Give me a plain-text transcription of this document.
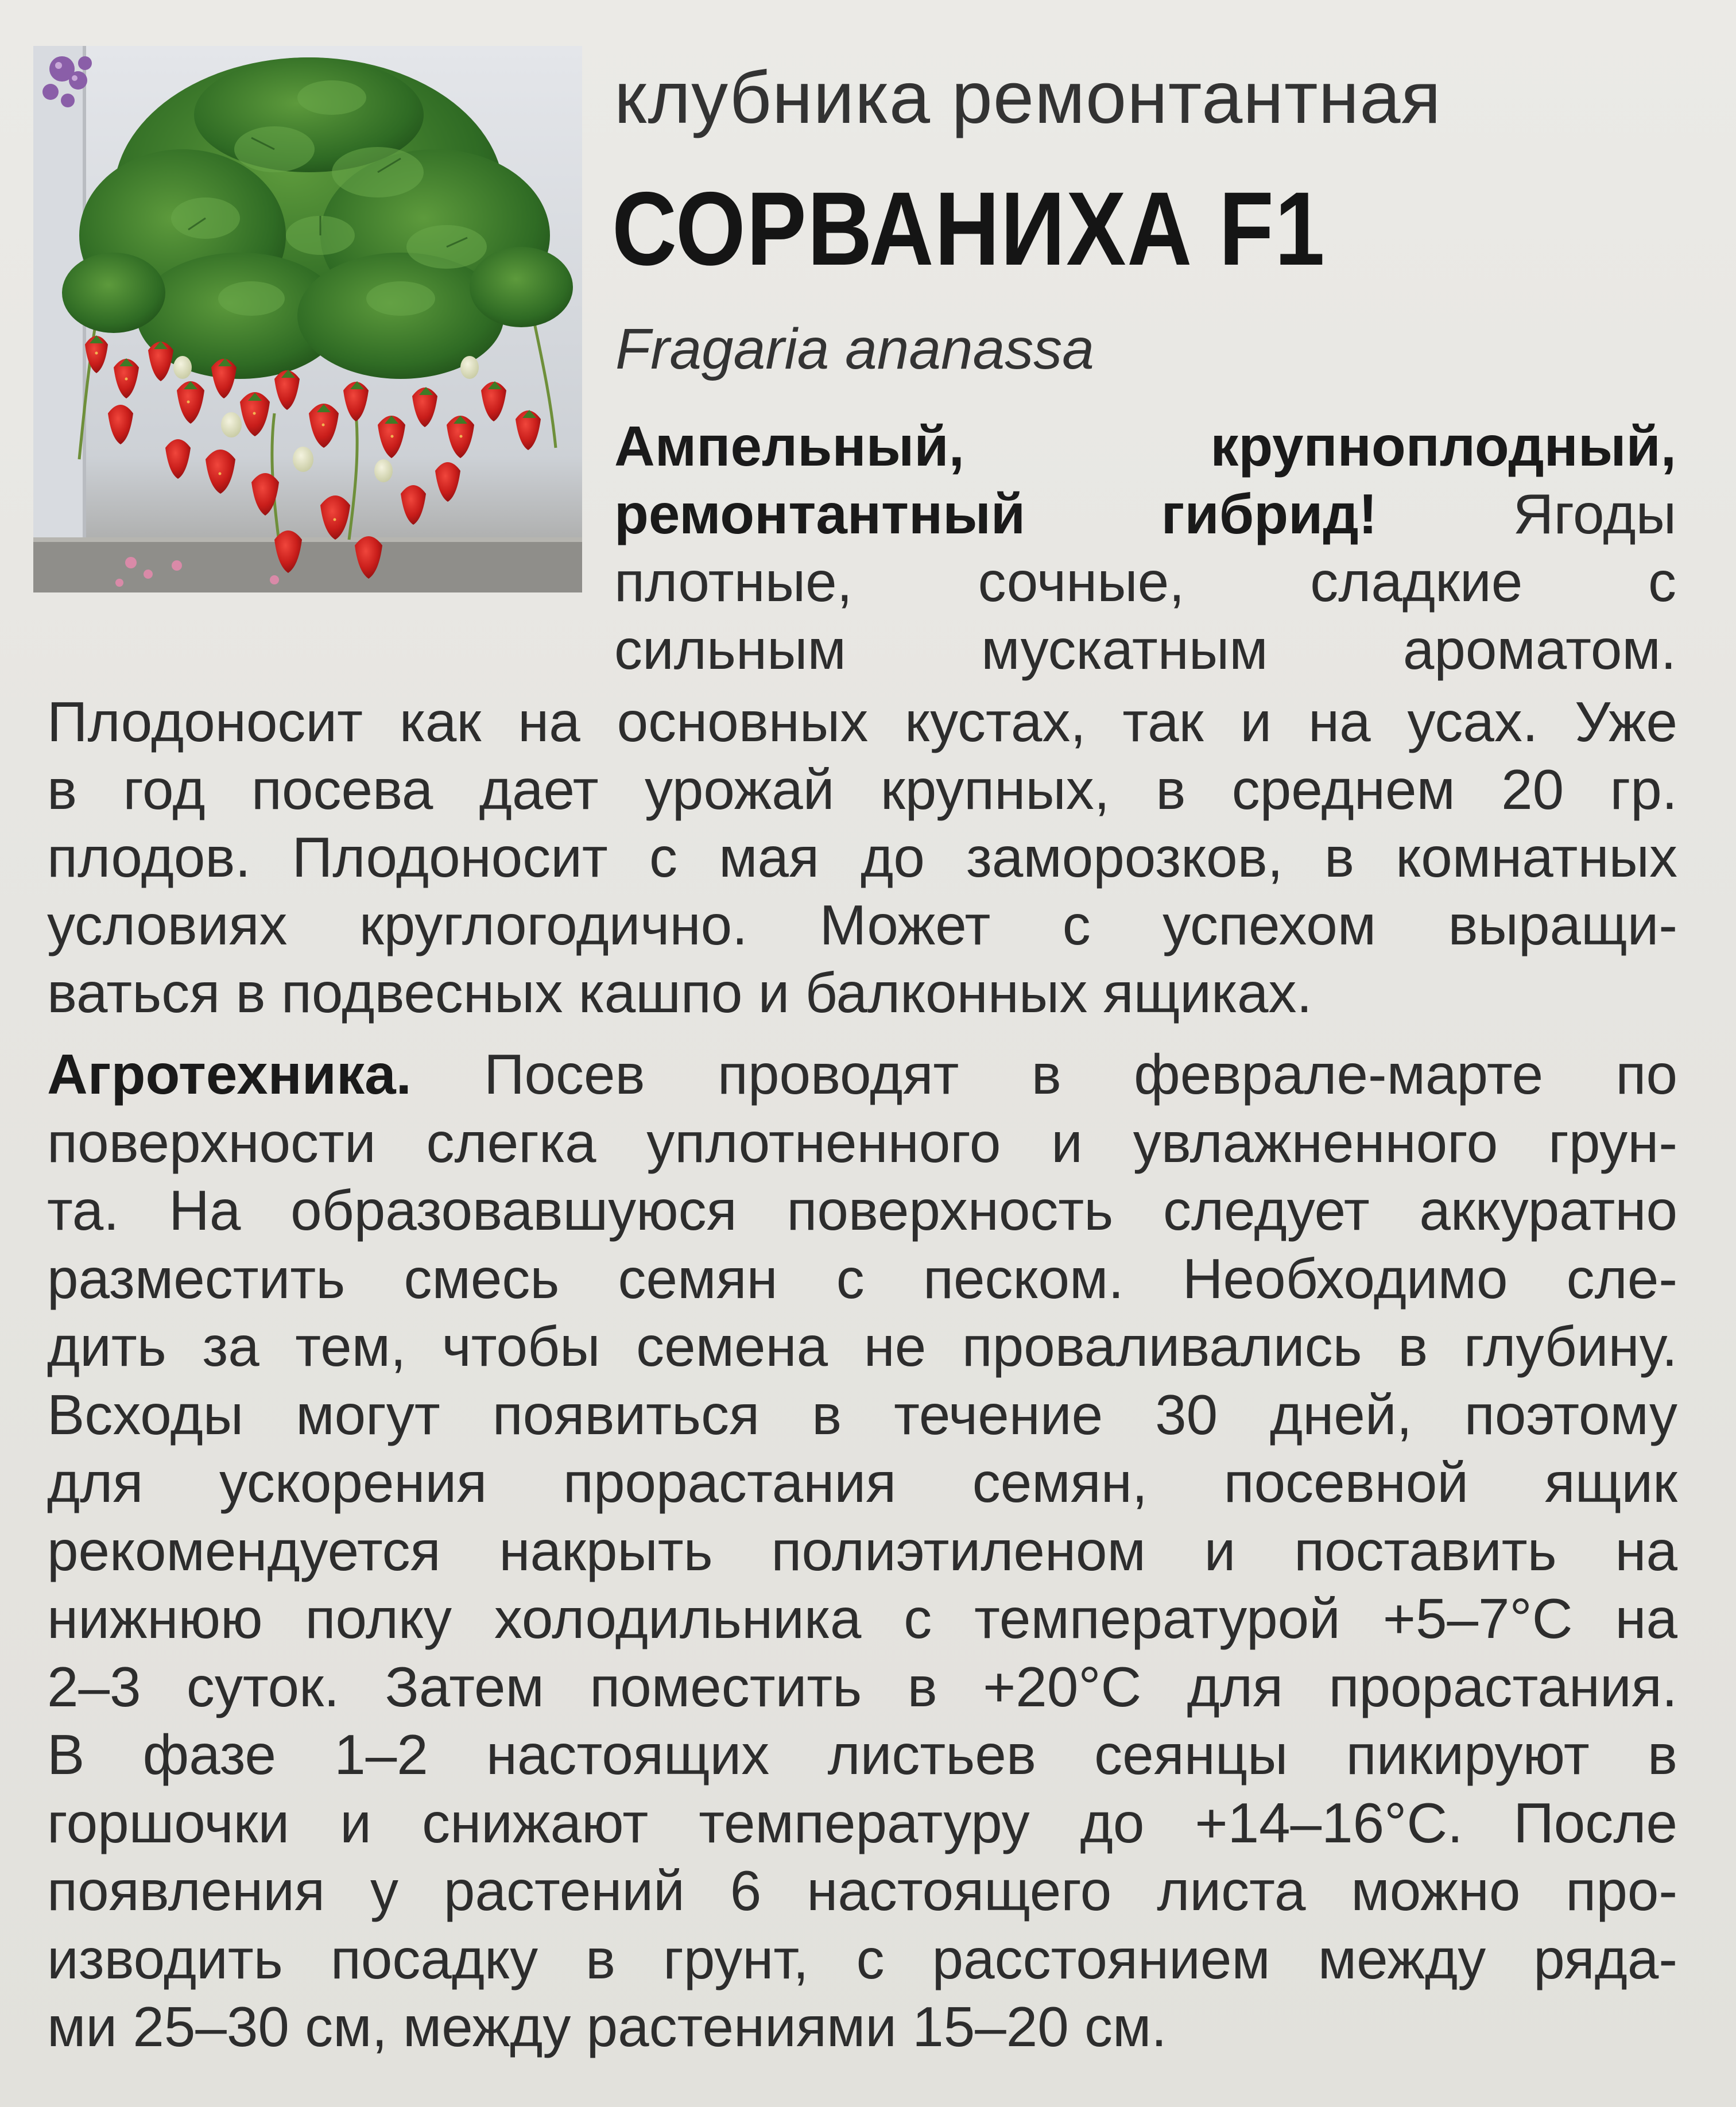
клубника ремонтантная
СОРВАНИХА F1
Fragaria ananassa
Ампельный, крупноплодный,
ремонтантный гибрид! Ягоды
плотные, сочные, сладкие с
сильным мускатным ароматом.
Плодоносит как на основных кустах, так и на усах. Уже
в год посева дает урожай крупных, в среднем 20 гр.
плодов. Плодоносит с мая до заморозков, в комнатных
условиях круглогодично. Может с успехом выращи-
ваться в подвесных кашпо и балконных ящиках.
Агротехника. Посев проводят в феврале-марте по
поверхности слегка уплотненного и увлажненного грун-
та. На образовавшуюся поверхность следует аккуратно
разместить смесь семян с песком. Необходимо сле-
дить за тем, чтобы семена не проваливались в глубину.
Всходы могут появиться в течение 30 дней, поэтому
для ускорения прорастания семян, посевной ящик
рекомендуется накрыть полиэтиленом и поставить на
нижнюю полку холодильника с температурой +5–7°С на
2–3 суток. Затем поместить в +20°С для прорастания.
В фазе 1–2 настоящих листьев сеянцы пикируют в
горшочки и снижают температуру до +14–16°С. После
появления у растений 6 настоящего листа можно про-
изводить посадку в грунт, с расстоянием между ряда-
ми 25–30 см, между растениями 15–20 см.
